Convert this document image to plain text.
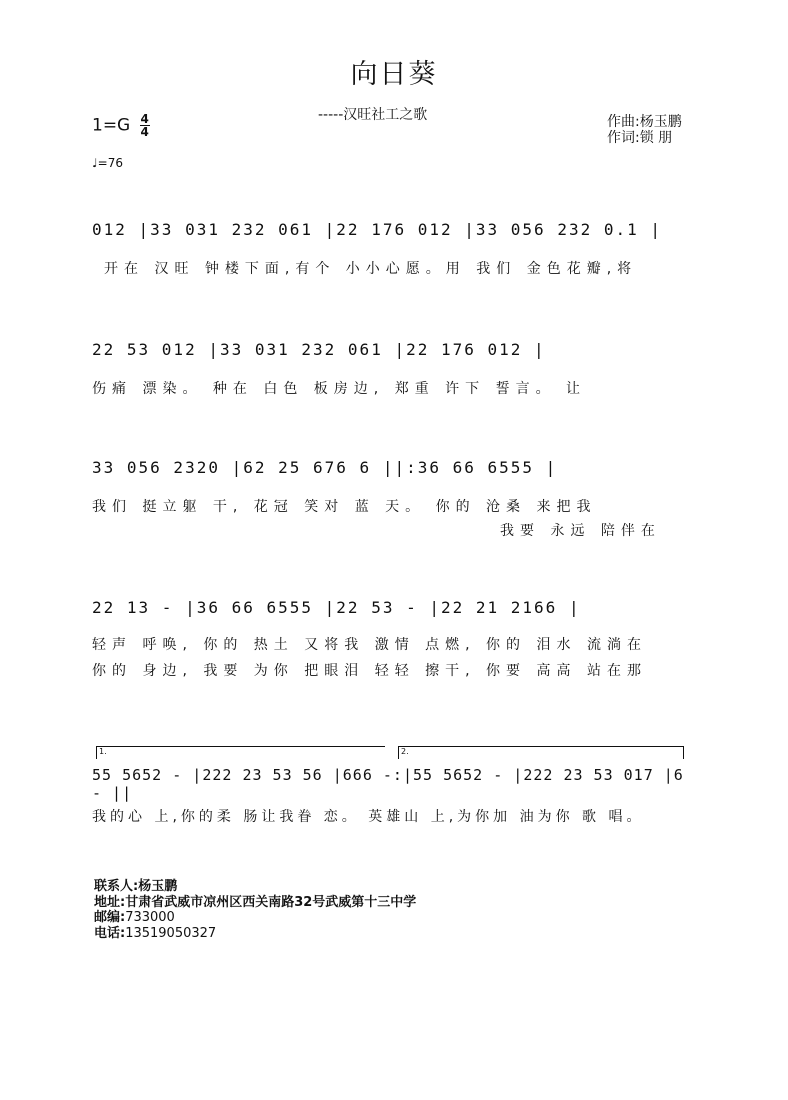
向日葵
-----汉旺社工之歌
$1=G \frac{4}{4}$	作曲:杨玉鹏
作词:锁 朋
♩=76
012 |33 031 232 061 |22 176 012 |33 056 232 0.1 |
开在 汉旺 钟楼下面,有个 小小心愿。用 我们 金色花瓣,将
22 53 012 |33 031 232 061 |22 176 012 |
伤痛 漂染。 种在 白色 板房边, 郑重 许下 誓言。 让
33 056 2320 |62 25 676 6 ||:36 66 6555 |
我们 挺立躯 干, 花冠 笑对 蓝 天。 你的 沧桑 来把我
我要 永远 陪伴在
22 13 - |36 66 6555 |22 53 - |22 21 2166 |
轻声 呼唤, 你的 热土 又将我 激情 点燃, 你的 泪水 流淌在
你的 身边, 我要 为你 把眼泪 轻轻 擦干, 你要 高高 站在那
1.	2.
55 5652 - |222 23 53 56 |666 -:|55 5652 - |222 23 53 017 |6 - ||
我的心 上,你的柔 肠让我眷 恋。 英雄山 上,为你加 油为你 歌 唱。
联系人:杨玉鹏
地址:甘肃省武威市凉州区西关南路32号武威第十三中学
邮编:733000
电话:13519050327
